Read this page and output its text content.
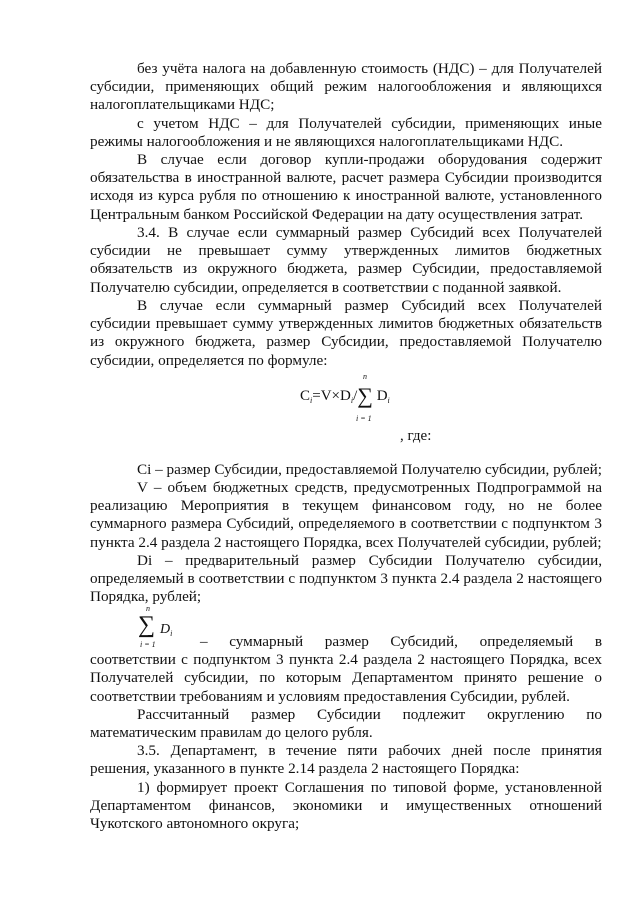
без учёта налога на добавленную стоимость (НДС) – для Получателей субсидии, применяющих общий режим налогообложения и являющихся налогоплательщиками НДС;

с учетом НДС – для Получателей субсидии, применяющих иные режимы налогообложения и не являющихся налогоплательщиками НДС.

В случае если договор купли-продажи оборудования содержит обязательства в иностранной валюте, расчет размера Субсидии производится исходя из курса рубля по отношению к иностранной валюте, установленного Центральным банком Российской Федерации на дату осуществления затрат.

3.4. В случае если суммарный размер Субсидий всех Получателей субсидии не превышает сумму утвержденных лимитов бюджетных обязательств из окружного бюджета, размер Субсидии, предоставляемой Получателю субсидии, определяется в соответствии с поданной заявкой.

В случае если суммарный размер Субсидий всех Получателей субсидии превышает сумму утвержденных лимитов бюджетных обязательств из окружного бюджета, размер Субсидии, предоставляемой Получателю субсидии, определяется по формуле:

$C_i=V\times D_i/\sum$ $D_i$
n
i = 1
, где:

Ci – размер Субсидии, предоставляемой Получателю субсидии, рублей;

V – объем бюджетных средств, предусмотренных Подпрограммой на реализацию Мероприятия в текущем финансовом году, но не более суммарного размера Субсидий, определяемого в соответствии с подпунктом 3 пункта 2.4 раздела 2 настоящего Порядка, всех Получателей субсидии, рублей;

Di – предварительный размер Субсидии Получателю субсидии, определяемый в соответствии с подпунктом 3 пункта 2.4 раздела 2 настоящего Порядка, рублей;

n
∑ $D_i$
i = 1	– суммарный размер Субсидий, определяемый в соответствии с подпунктом 3 пункта 2.4 раздела 2 настоящего Порядка, всех Получателей субсидии, по которым Департаментом принято решение о соответствии требованиям и условиям предоставления Субсидии, рублей.

Рассчитанный размер Субсидии подлежит округлению по математическим правилам до целого рубля.

3.5. Департамент, в течение пяти рабочих дней после принятия решения, указанного в пункте 2.14 раздела 2 настоящего Порядка:

1) формирует проект Соглашения по типовой форме, установленной Департаментом финансов, экономики и имущественных отношений Чукотского автономного округа;
